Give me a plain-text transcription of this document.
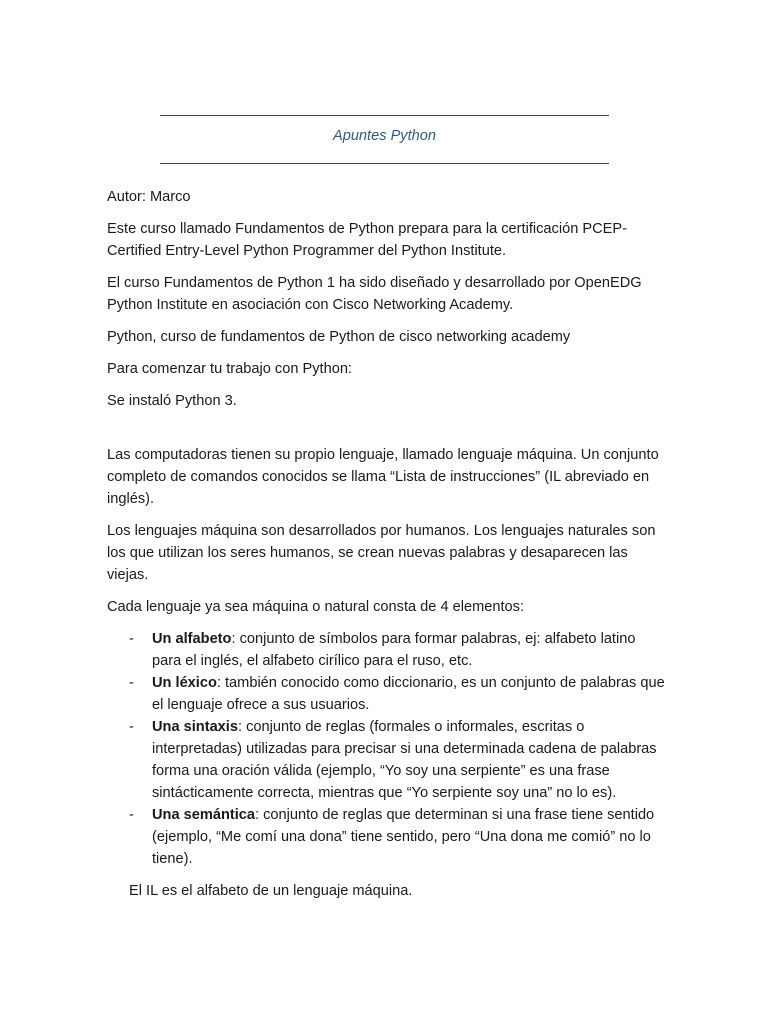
Apuntes Python

Autor: Marco

Este curso llamado Fundamentos de Python prepara para la certificación PCEP-Certified Entry-Level Python Programmer del Python Institute.

El curso Fundamentos de Python 1 ha sido diseñado y desarrollado por OpenEDG Python Institute en asociación con Cisco Networking Academy.

Python, curso de fundamentos de Python de cisco networking academy

Para comenzar tu trabajo con Python:

Se instaló Python 3.

Las computadoras tienen su propio lenguaje, llamado lenguaje máquina. Un conjunto completo de comandos conocidos se llama “Lista de instrucciones” (IL abreviado en inglés).

Los lenguajes máquina son desarrollados por humanos. Los lenguajes naturales son los que utilizan los seres humanos, se crean nuevas palabras y desaparecen las viejas.

Cada lenguaje ya sea máquina o natural consta de 4 elementos:

- Un alfabeto: conjunto de símbolos para formar palabras, ej: alfabeto latino para el inglés, el alfabeto cirílico para el ruso, etc.
- Un léxico: también conocido como diccionario, es un conjunto de palabras que el lenguaje ofrece a sus usuarios.
- Una sintaxis: conjunto de reglas (formales o informales, escritas o interpretadas) utilizadas para precisar si una determinada cadena de palabras forma una oración válida (ejemplo, “Yo soy una serpiente” es una frase sintácticamente correcta, mientras que “Yo serpiente soy una” no lo es).
- Una semántica: conjunto de reglas que determinan si una frase tiene sentido (ejemplo, “Me comí una dona” tiene sentido, pero “Una dona me comió” no lo tiene).

El IL es el alfabeto de un lenguaje máquina.
